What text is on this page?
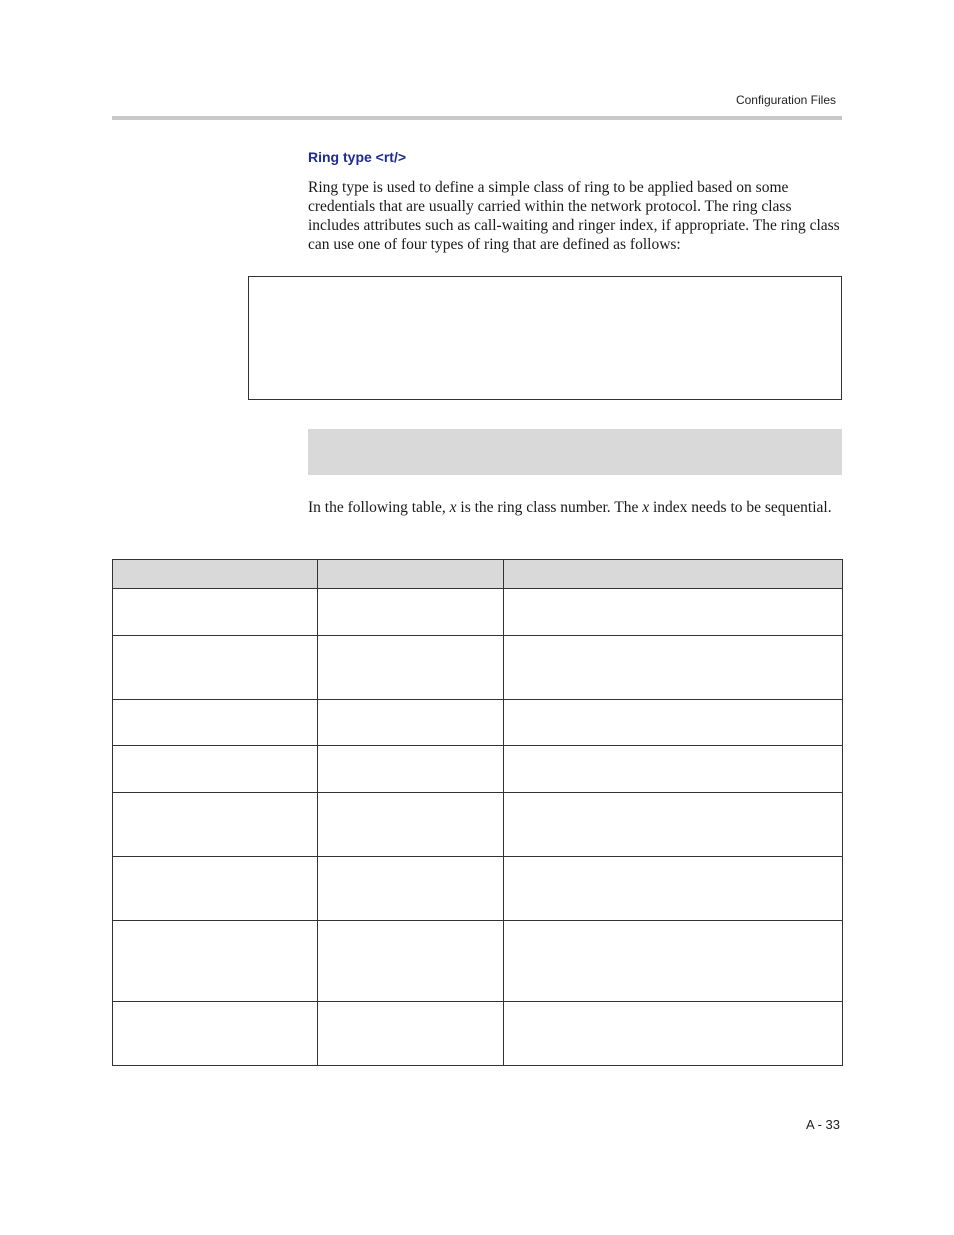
Configuration Files
Ring type <rt/>

Ring type is used to define a simple class of ring to be applied based on some credentials that are usually carried within the network protocol. The ring class includes attributes such as call-waiting and ringer index, if appropriate. The ring class can use one of four types of ring that are defined as follows:

In the following table, x is the ring class number. The x index needs to be sequential.

A - 33
